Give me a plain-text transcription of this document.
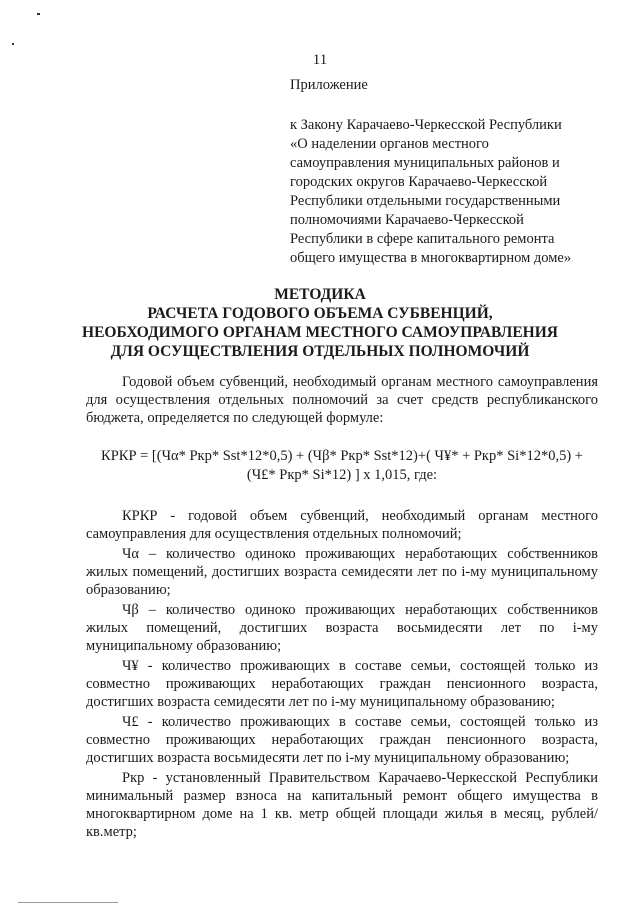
11
Приложение
к Закону Карачаево-Черкесской Республики
«О наделении органов местного
самоуправления муниципальных районов и
городских округов Карачаево-Черкесской
Республики отдельными государственными
полномочиями Карачаево-Черкесской
Республики в сфере капитального ремонта
общего имущества в многоквартирном доме»
МЕТОДИКА
РАСЧЕТА ГОДОВОГО ОБЪЕМА СУБВЕНЦИЙ,
НЕОБХОДИМОГО ОРГАНАМ МЕСТНОГО САМОУПРАВЛЕНИЯ
ДЛЯ ОСУЩЕСТВЛЕНИЯ ОТДЕЛЬНЫХ ПОЛНОМОЧИЙ

Годовой объем субвенций, необходимый органам местного самоуправления для осуществления отдельных полномочий за счет средств республиканского бюджета, определяется по следующей формуле:

КРКР = [(Чα* Ркр* Sst*12*0,5) + (Чβ* Ркр* Sst*12)+( Ч¥* + Ркр* Si*12*0,5) +
(Ч£* Ркр* Si*12) ] x 1,015, где:

КРКР - годовой объем субвенций, необходимый органам местного самоуправления для осуществления отдельных полномочий;

Чα – количество одиноко проживающих неработающих собственников жилых помещений, достигших возраста семидесяти лет по i-му муниципальному образованию;

Чβ – количество одиноко проживающих неработающих собственников жилых помещений, достигших возраста восьмидесяти лет по i-му муниципальному образованию;

Ч¥ - количество проживающих в составе семьи, состоящей только из совместно проживающих неработающих граждан пенсионного возраста, достигших возраста семидесяти лет по i-му муниципальному образованию;

Ч£ - количество проживающих в составе семьи, состоящей только из совместно проживающих неработающих граждан пенсионного возраста, достигших возраста восьмидесяти лет по i-му муниципальному образованию;

Ркр - установленный Правительством Карачаево-Черкесской Республики минимальный размер взноса на капитальный ремонт общего имущества в многоквартирном доме на 1 кв. метр общей площади жилья в месяц, рублей/ кв.метр;
